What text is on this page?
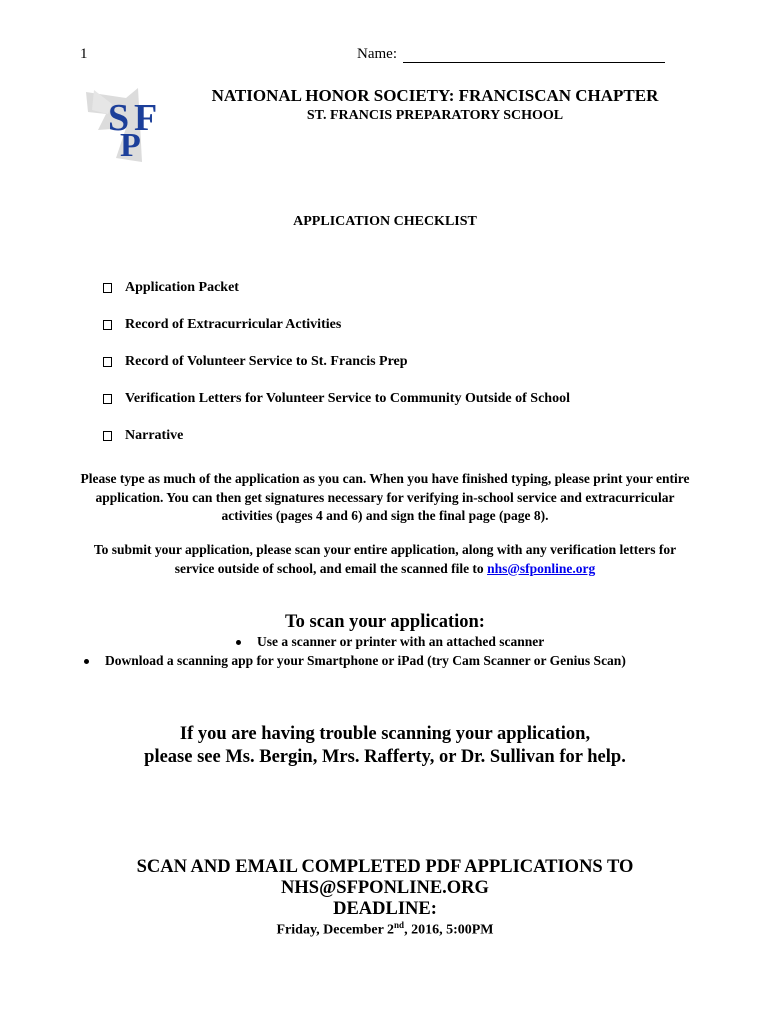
1	Name:
S F
P
NATIONAL HONOR SOCIETY: FRANCISCAN CHAPTER
ST. FRANCIS PREPARATORY SCHOOL
APPLICATION CHECKLIST
Application Packet
Record of Extracurricular Activities
Record of Volunteer Service to St. Francis Prep
Verification Letters for Volunteer Service to Community Outside of School
Narrative
Please type as much of the application as you can. When you have finished typing, please print your entire application. You can then get signatures necessary for verifying in-school service and extracurricular activities (pages 4 and 6) and sign the final page (page 8).
To submit your application, please scan your entire application, along with any verification letters for service outside of school, and email the scanned file to nhs@sfponline.org
To scan your application:
Use a scanner or printer with an attached scanner
Download a scanning app for your Smartphone or iPad (try Cam Scanner or Genius Scan)
If you are having trouble scanning your application,
please see Ms. Bergin, Mrs. Rafferty, or Dr. Sullivan for help.
SCAN AND EMAIL COMPLETED PDF APPLICATIONS TO
NHS@SFPONLINE.ORG
DEADLINE:
Friday, December 2nd, 2016, 5:00PM
